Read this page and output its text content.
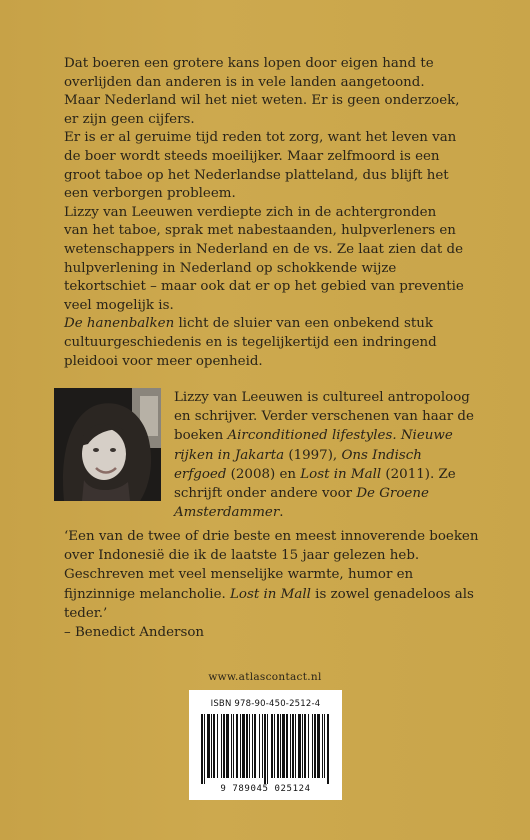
Dat boeren een grotere kans lopen door eigen hand te overlijden dan anderen is in vele landen aangetoond. Maar Nederland wil het niet weten. Er is geen onderzoek, er zijn geen cijfers.

Er is er al geruime tijd reden tot zorg, want het leven van de boer wordt steeds moeilijker. Maar zelfmoord is een groot taboe op het Nederlandse platteland, dus blijft het een verborgen probleem.

Lizzy van Leeuwen verdiepte zich in de achtergronden van het taboe, sprak met nabestaanden, hulpverleners en wetenschappers in Nederland en de vs. Ze laat zien dat de hulpverlening in Nederland op schokkende wijze tekortschiet – maar ook dat er op het gebied van preventie veel mogelijk is.

De hanenbalken licht de sluier van een onbekend stuk cultuurgeschiedenis en is tegelijkertijd een indringend pleidooi voor meer openheid.

Lizzy van Leeuwen is cultureel antropoloog en schrijver. Verder verschenen van haar de boeken Airconditioned lifestyles. Nieuwe rijken in Jakarta (1997), Ons Indisch erfgoed (2008) en Lost in Mall (2011). Ze schrijft onder andere voor De Groene Amsterdammer.

‘Een van de twee of drie beste en meest innoverende boeken over Indonesië die ik de laatste 15 jaar gelezen heb. Geschreven met veel menselijke warmte, humor en fijnzinnige melancholie. Lost in Mall is zowel genadeloos als teder.’

– Benedict Anderson

www.atlascontact.nl
ISBN 978-90-450-2512-4
9 789045 025124
